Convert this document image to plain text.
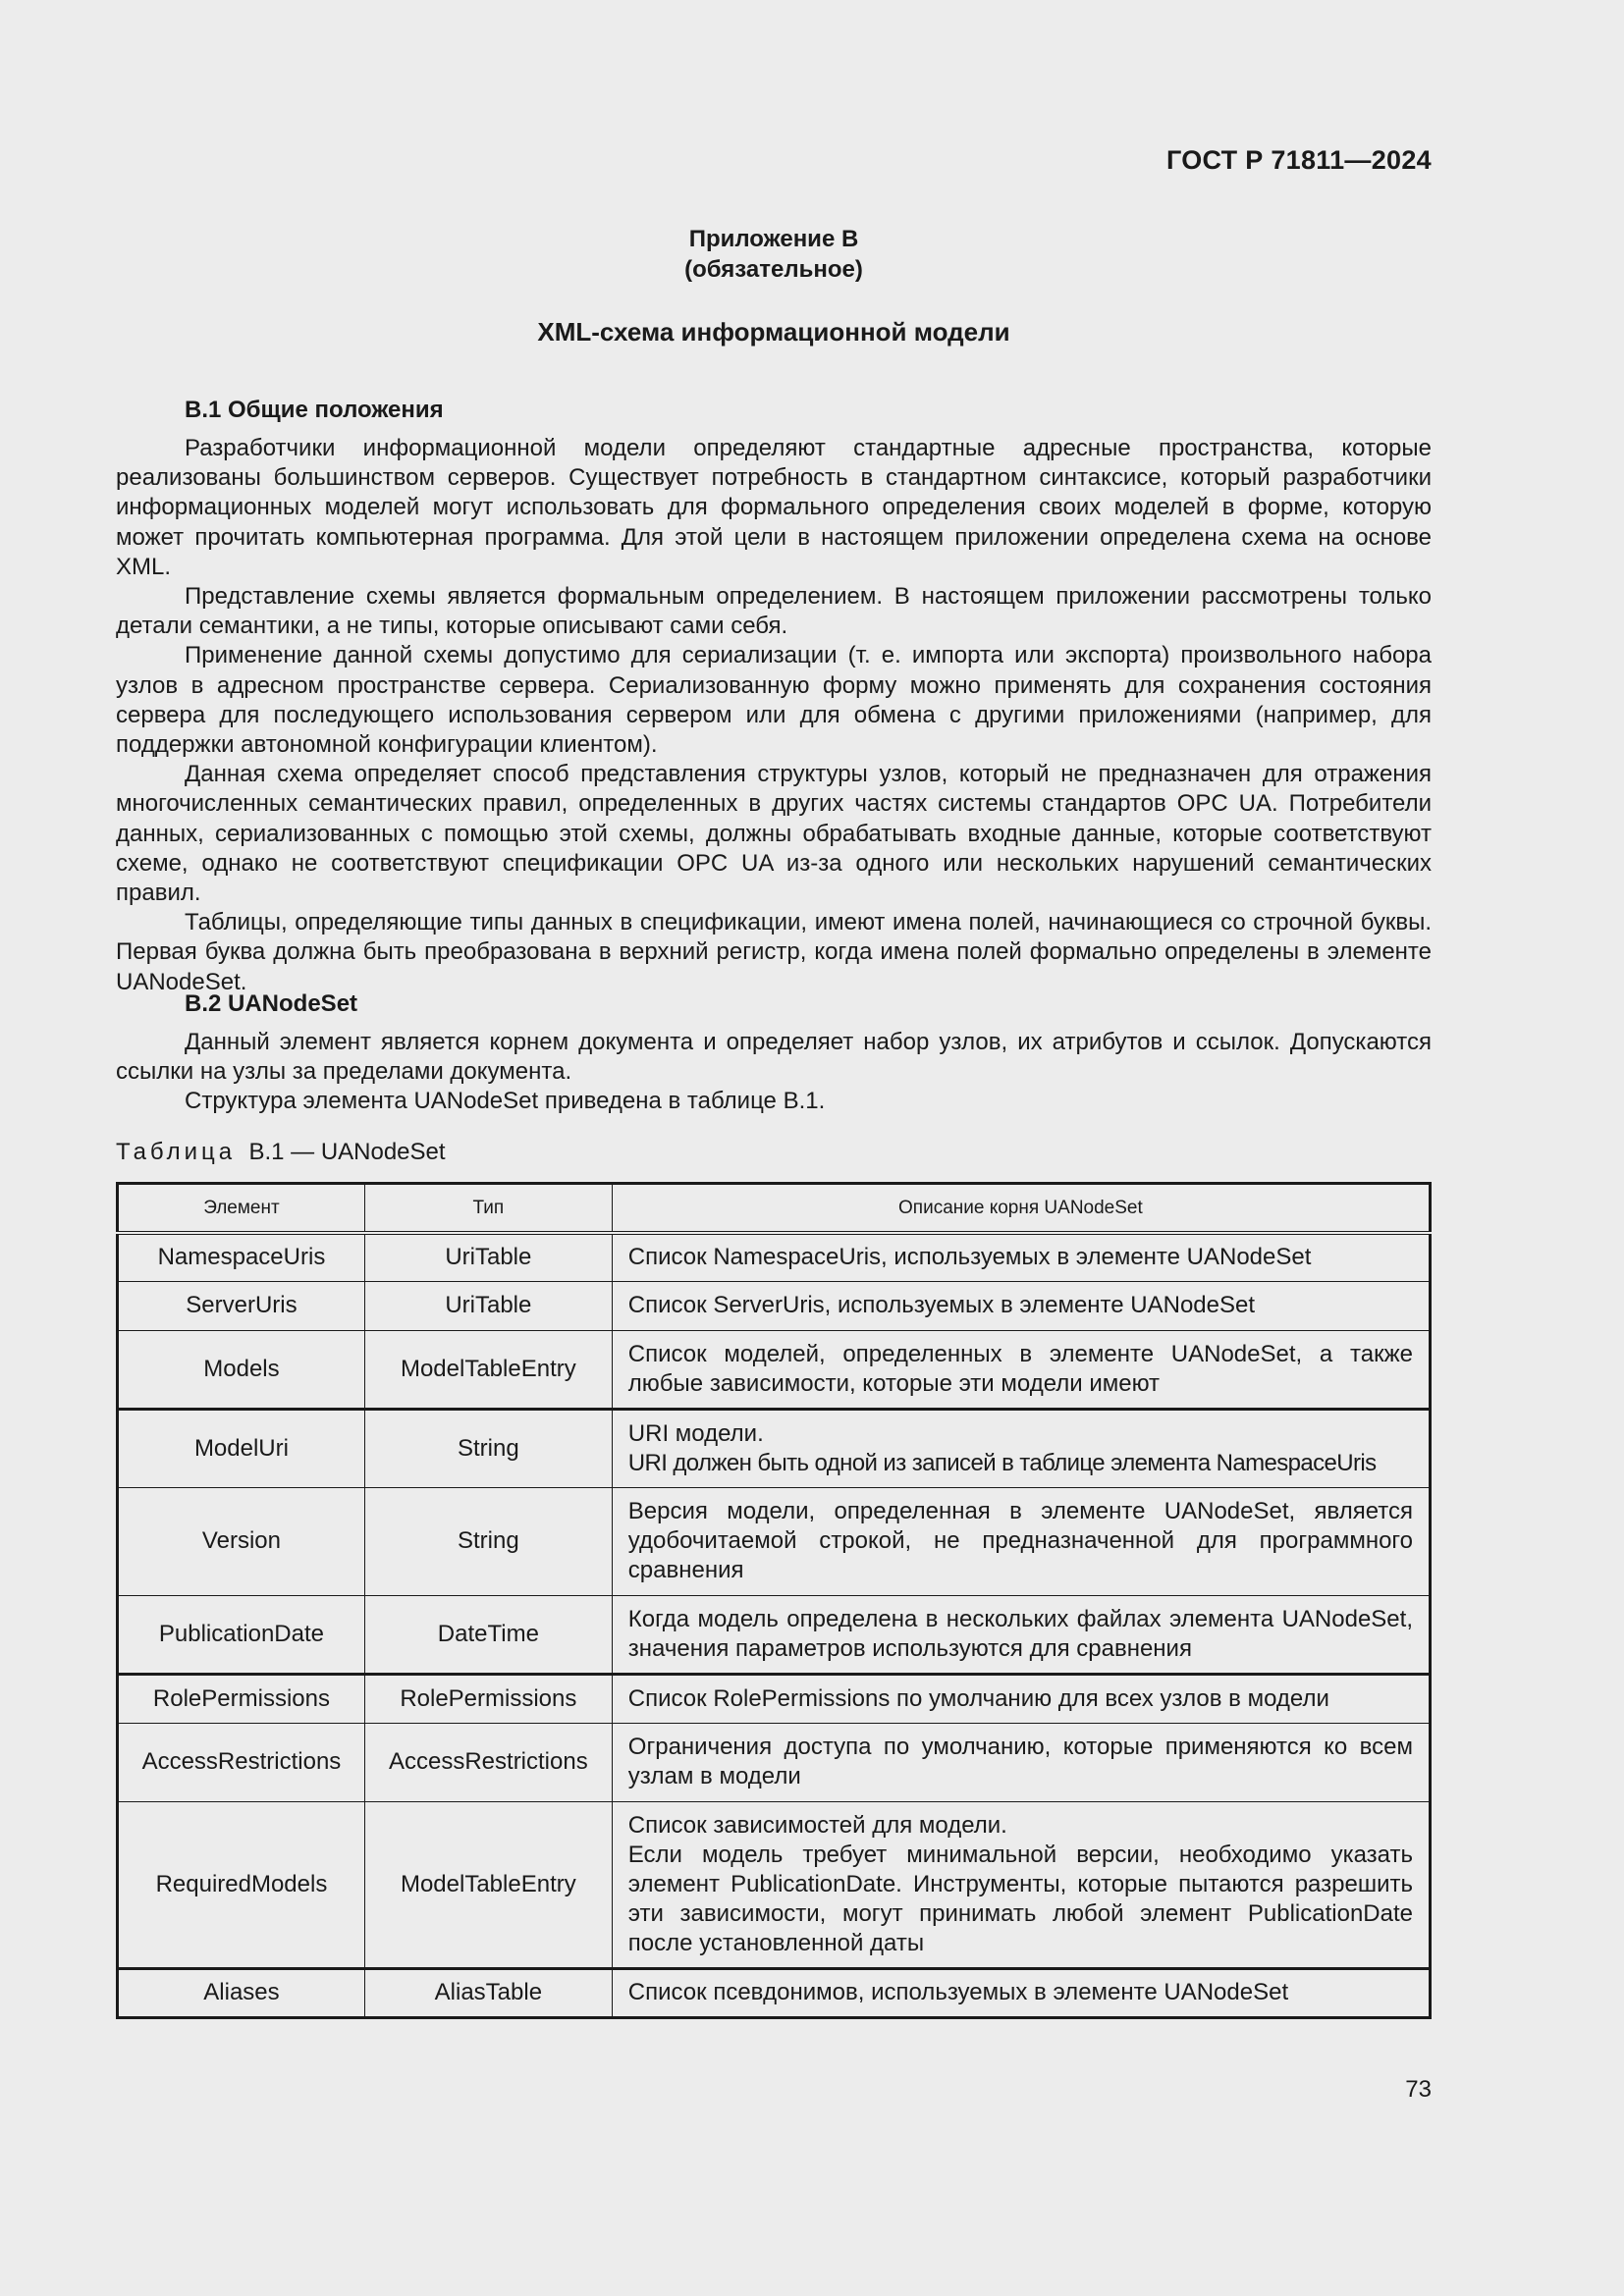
ГОСТ Р 71811—2024
Приложение В
(обязательное)
XML-схема информационной модели
В.1 Общие положения

Разработчики информационной модели определяют стандартные адресные пространства, которые реализованы большинством серверов. Существует потребность в стандартном синтаксисе, который разработчики информационных моделей могут использовать для формального определения своих моделей в форме, которую может прочитать компьютерная программа. Для этой цели в настоящем приложении определена схема на основе XML.

Представление схемы является формальным определением. В настоящем приложении рассмотрены только детали семантики, а не типы, которые описывают сами себя.

Применение данной схемы допустимо для сериализации (т. е. импорта или экспорта) произвольного набора узлов в адресном пространстве сервера. Сериализованную форму можно применять для сохранения состояния сервера для последующего использования сервером или для обмена с другими приложениями (например, для поддержки автономной конфигурации клиентом).

Данная схема определяет способ представления структуры узлов, который не предназначен для отражения многочисленных семантических правил, определенных в других частях системы стандартов OPC UA. Потребители данных, сериализованных с помощью этой схемы, должны обрабатывать входные данные, которые соответствуют схеме, однако не соответствуют спецификации OPC UA из-за одного или нескольких нарушений семантических правил.

Таблицы, определяющие типы данных в спецификации, имеют имена полей, начинающиеся со строчной буквы. Первая буква должна быть преобразована в верхний регистр, когда имена полей формально определены в элементе UANodeSet.

В.2 UANodeSet

Данный элемент является корнем документа и определяет набор узлов, их атрибутов и ссылок. Допускаются ссылки на узлы за пределами документа.

Структура элемента UANodeSet приведена в таблице В.1.

Таблица В.1 — UANodeSet
Элемент	Тип	Описание корня UANodeSet
NamespaceUris	UriTable	Список NamespaceUris, используемых в элементе UANodeSet

ServerUris	UriTable	Список ServerUris, используемых в элементе UANodeSet

Models	ModelTableEntry	Список моделей, определенных в элементе UANodeSet, а также любые зависимости, которые эти модели имеют

ModelUri	String	URI модели.

URI должен быть одной из записей в таблице элемента NamespaceUris

Version	String	Версия модели, определенная в элементе UANodeSet, является удобочитаемой строкой, не предназначенной для программного сравнения

PublicationDate	DateTime	Когда модель определена в нескольких файлах элемента UANodeSet, значения параметров используются для сравнения

RolePermissions	RolePermissions	Список RolePermissions по умолчанию для всех узлов в модели

AccessRestrictions	AccessRestrictions	Ограничения доступа по умолчанию, которые применяются ко всем узлам в модели

RequiredModels	ModelTableEntry	Список зависимостей для модели.

Если модель требует минимальной версии, необходимо указать элемент PublicationDate. Инструменты, которые пытаются разрешить эти зависимости, могут принимать любой элемент PublicationDate после установленной даты

Aliases	AliasTable	Список псевдонимов, используемых в элементе UANodeSet

73
